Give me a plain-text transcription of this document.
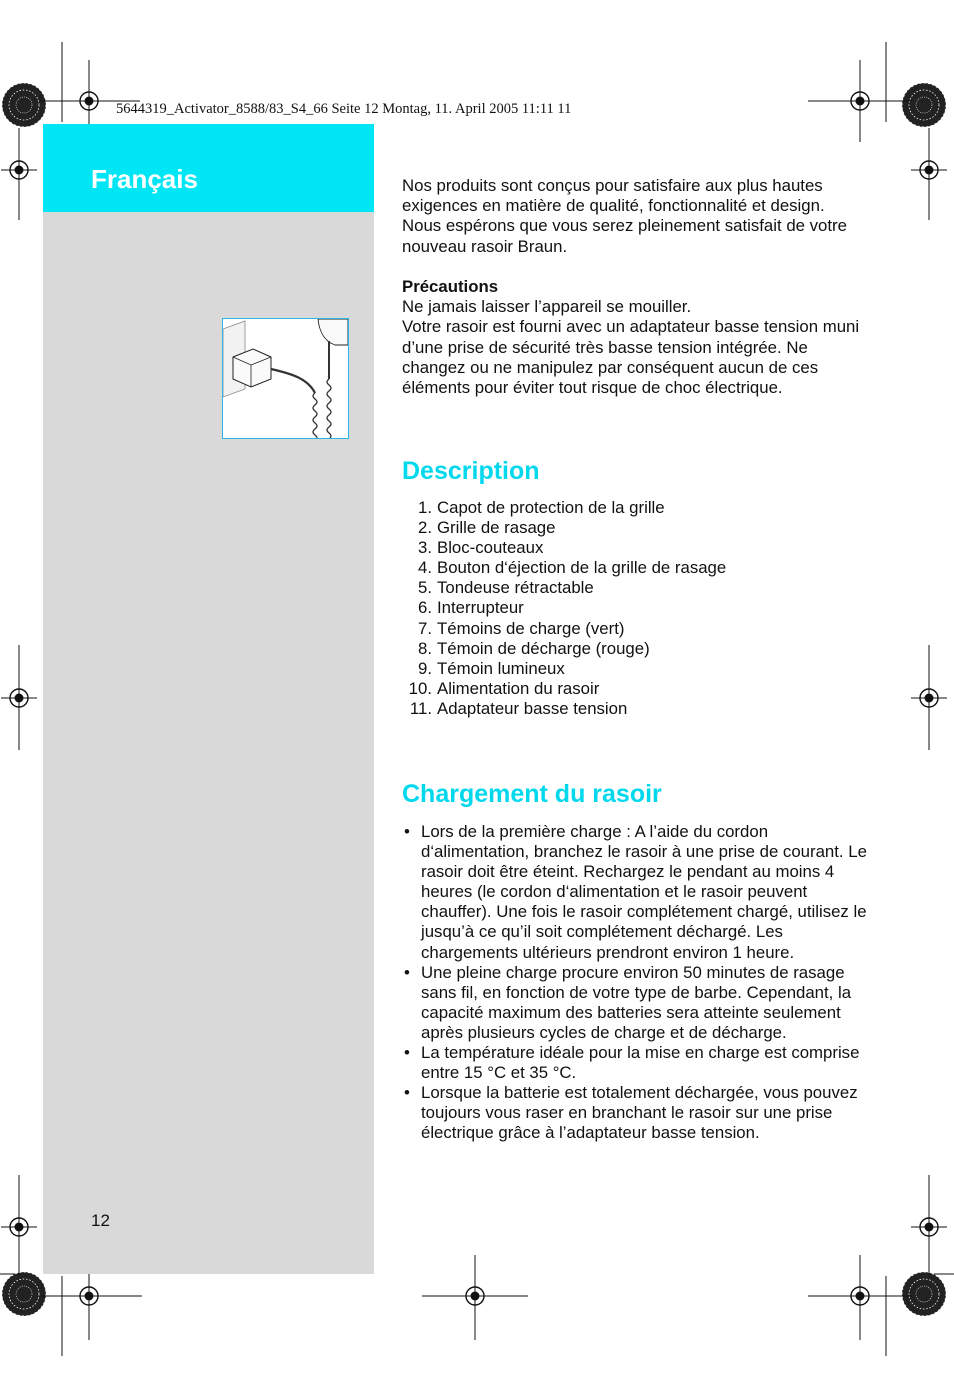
5644319_Activator_8588/83_S4_66 Seite 12 Montag, 11. April 2005 11:11 11
Français
12

Nos produits sont conçus pour satisfaire aux plus hautes exigences en matière de qualité, fonctionnalité et design. Nous espérons que vous serez pleinement satisfait de votre nouveau rasoir Braun.

Précautions

Ne jamais laisser l’appareil se mouiller.

Votre rasoir est fourni avec un adaptateur basse tension muni d’une prise de sécurité très basse tension intégrée. Ne changez ou ne manipulez par conséquent aucun de ces éléments pour éviter tout risque de choc électrique.

Description
1. Capot de protection de la grille
2. Grille de rasage
3. Bloc-couteaux
4. Bouton d‘éjection de la grille de rasage
5. Tondeuse rétractable
6. Interrupteur
7. Témoins de charge (vert)
8. Témoin de décharge (rouge)
9. Témoin lumineux
10. Alimentation du rasoir
11. Adaptateur basse tension
Chargement du rasoir
• Lors de la première charge : A l’aide du cordon d‘alimentation, branchez le rasoir à une prise de courant. Le rasoir doit être éteint. Rechargez le pendant au moins 4 heures (le cordon d‘alimentation et le rasoir peuvent chauffer). Une fois le rasoir complétement chargé, utilisez le jusqu’à ce qu’il soit complétement déchargé. Les chargements ultérieurs prendront environ 1 heure.
• Une pleine charge procure environ 50 minutes de rasage sans fil, en fonction de votre type de barbe. Cependant, la capacité maximum des batteries sera atteinte seulement après plusieurs cycles de charge et de décharge.
• La température idéale pour la mise en charge est comprise entre 15 °C et 35 °C.
• Lorsque la batterie est totalement déchargée, vous pouvez toujours vous raser en branchant le rasoir sur une prise électrique grâce à l’adaptateur basse tension.
